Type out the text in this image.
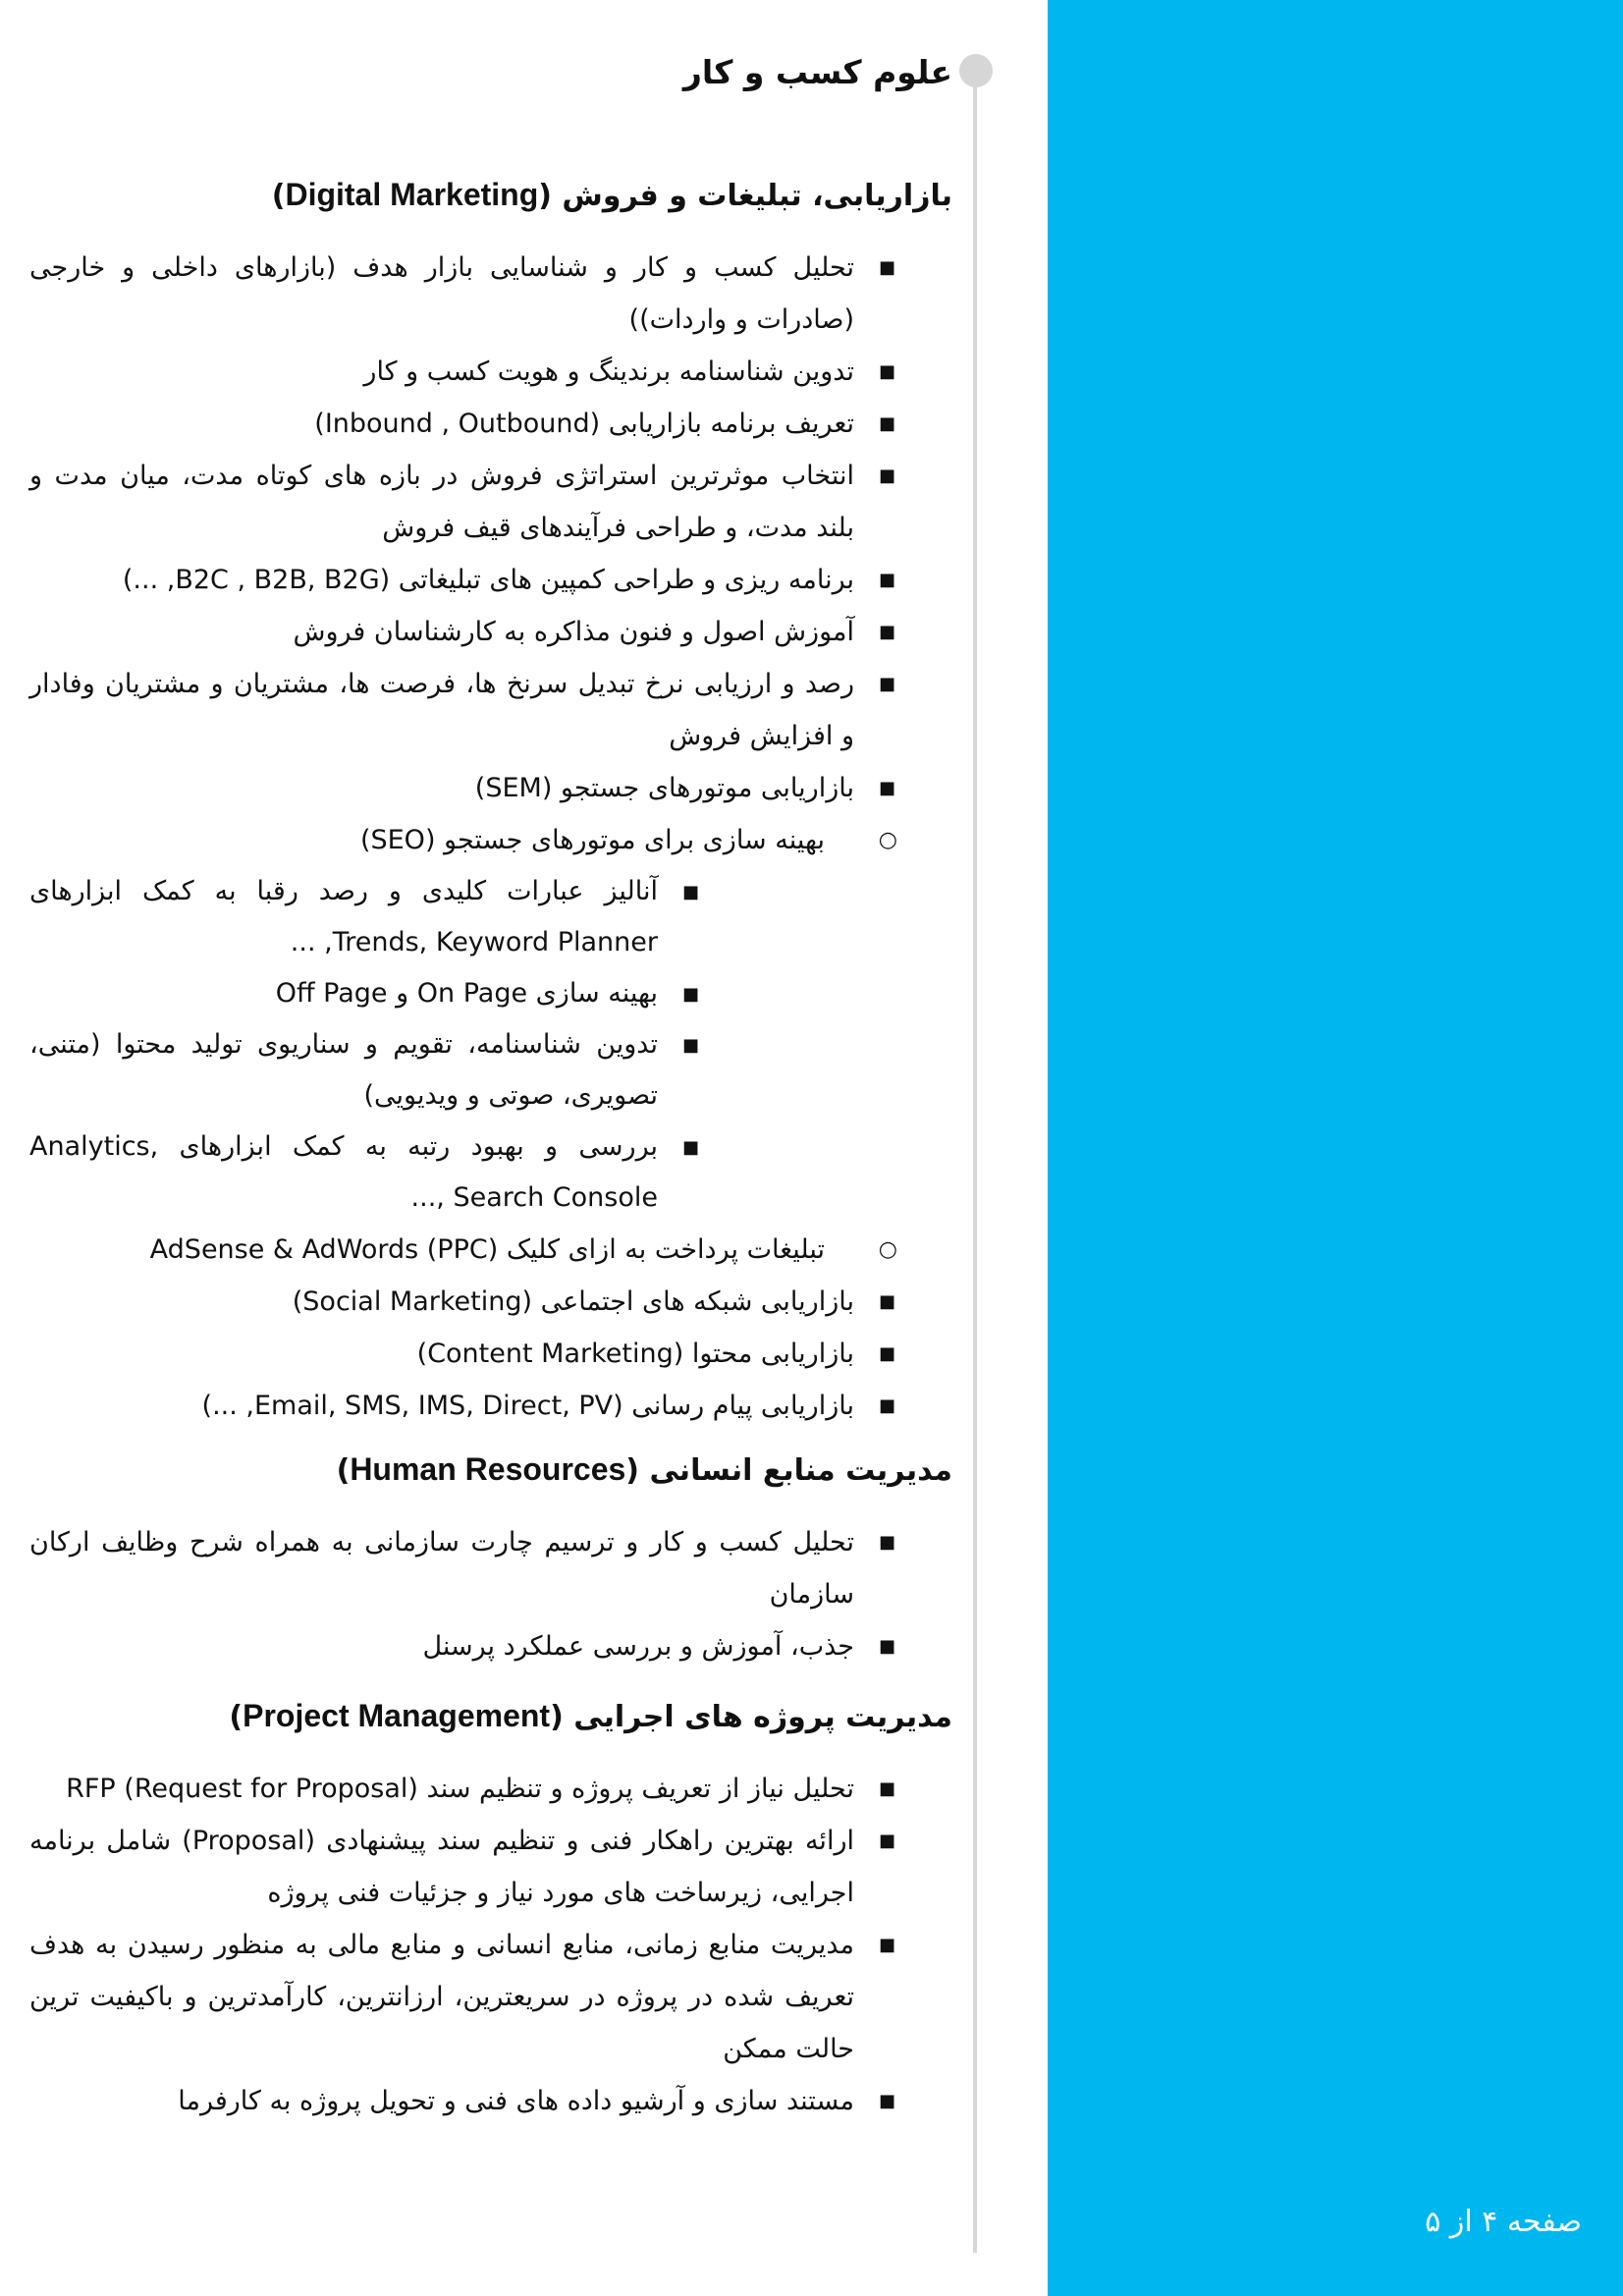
صفحه ۴ از ۵
علوم کسب و کار
بازاریابی، تبلیغات و فروش (Digital Marketing)
■
تحلیل کسب و کار و شناسایی بازار هدف (بازارهای داخلی و خارجی (صادرات و واردات))
■
تدوین شناسنامه برندینگ و هویت کسب و کار
■
تعریف برنامه بازاریابی (Inbound , Outbound)
■
انتخاب موثرترین استراتژی فروش در بازه های کوتاه مدت، میان مدت و بلند مدت، و طراحی فرآیندهای قیف فروش
■
برنامه ریزی و طراحی کمپین های تبلیغاتی (B2C , B2B, B2G, ...)
■
آموزش اصول و فنون مذاکره به کارشناسان فروش
■
رصد و ارزیابی نرخ تبدیل سرنخ ها، فرصت ها، مشتریان و مشتریان وفادار و افزایش فروش
■
بازاریابی موتورهای جستجو (SEM)
○
بهینه سازی برای موتورهای جستجو (SEO)
■
آنالیز عبارات کلیدی و رصد رقبا به کمک ابزارهای Trends, Keyword Planner, ...
■
بهینه سازی On Page و Off Page
■
تدوین شناسنامه، تقویم و سناریوی تولید محتوا (متنی، تصویری، صوتی و ویدیویی)
■
بررسی و بهبود رتبه به کمک ابزارهای Analytics, Search Console ,...
○
تبلیغات پرداخت به ازای کلیک (PPC) AdSense & AdWords
■
بازاریابی شبکه های اجتماعی (Social Marketing)
■
بازاریابی محتوا (Content Marketing)
■
بازاریابی پیام رسانی (Email, SMS, IMS, Direct, PV, ...)
مدیریت منابع انسانی (Human Resources)
■
تحلیل کسب و کار و ترسیم چارت سازمانی به همراه شرح وظایف ارکان سازمان
■
جذب، آموزش و بررسی عملکرد پرسنل
مدیریت پروژه های اجرایی (Project Management)
■
تحلیل نیاز از تعریف پروژه و تنظیم سند RFP (Request for Proposal)
■
ارائه بهترین راهکار فنی و تنظیم سند پیشنهادی (Proposal) شامل برنامه اجرایی، زیرساخت های مورد نیاز و جزئیات فنی پروژه
■
مدیریت منابع زمانی، منابع انسانی و منابع مالی به منظور رسیدن به هدف تعریف شده در پروژه در سریعترین، ارزانترین، کارآمدترین و باکیفیت ترین حالت ممکن
■
مستند سازی و آرشیو داده های فنی و تحویل پروژه به کارفرما
